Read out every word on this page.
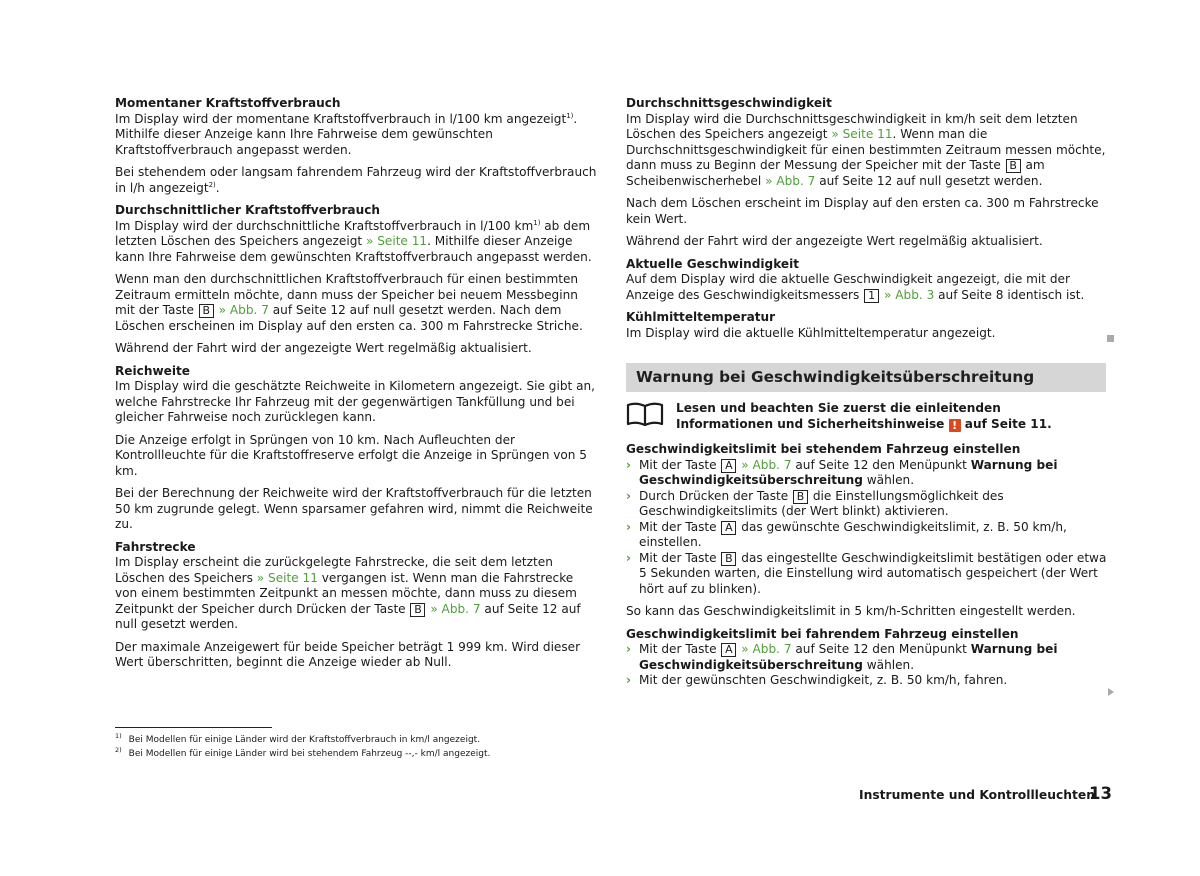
Momentaner Kraftstoffverbrauch

Im Display wird der momentane Kraftstoffverbrauch in l/100 km angezeigt$^{1)}$. Mithilfe dieser Anzeige kann Ihre Fahrweise dem gewünschten Kraftstoffverbrauch angepasst werden.

Bei stehendem oder langsam fahrendem Fahrzeug wird der Kraftstoffverbrauch in l/h angezeigt$^{2)}$.

Durchschnittlicher Kraftstoffverbrauch

Im Display wird der durchschnittliche Kraftstoffverbrauch in l/100 $km^{1)}$ ab dem letzten Löschen des Speichers angezeigt » Seite 11. Mithilfe dieser Anzeige kann Ihre Fahrweise dem gewünschten Kraftstoffverbrauch angepasst werden.

Wenn man den durchschnittlichen Kraftstoffverbrauch für einen bestimmten Zeitraum ermitteln möchte, dann muss der Speicher bei neuem Messbeginn mit der Taste B » Abb. 7 auf Seite 12 auf null gesetzt werden. Nach dem Löschen erscheinen im Display auf den ersten ca. 300 m Fahrstrecke Striche.

Während der Fahrt wird der angezeigte Wert regelmäßig aktualisiert.

Reichweite

Im Display wird die geschätzte Reichweite in Kilometern angezeigt. Sie gibt an, welche Fahrstrecke Ihr Fahrzeug mit der gegenwärtigen Tankfüllung und bei gleicher Fahrweise noch zurücklegen kann.

Die Anzeige erfolgt in Sprüngen von 10 km. Nach Aufleuchten der Kontrollleuchte für die Kraftstoffreserve erfolgt die Anzeige in Sprüngen von 5 km.

Bei der Berechnung der Reichweite wird der Kraftstoffverbrauch für die letzten 50 km zugrunde gelegt. Wenn sparsamer gefahren wird, nimmt die Reichweite zu.

Fahrstrecke

Im Display erscheint die zurückgelegte Fahrstrecke, die seit dem letzten Löschen des Speichers » Seite 11 vergangen ist. Wenn man die Fahrstrecke von einem bestimmten Zeitpunkt an messen möchte, dann muss zu diesem Zeitpunkt der Speicher durch Drücken der Taste B » Abb. 7 auf Seite 12 auf null gesetzt werden.

Der maximale Anzeigewert für beide Speicher beträgt 1 999 km. Wird dieser Wert überschritten, beginnt die Anzeige wieder ab Null.

Durchschnittsgeschwindigkeit

Im Display wird die Durchschnittsgeschwindigkeit in km/h seit dem letzten Löschen des Speichers angezeigt » Seite 11. Wenn man die Durchschnittsgeschwindigkeit für einen bestimmten Zeitraum messen möchte, dann muss zu Beginn der Messung der Speicher mit der Taste B am Scheibenwischerhebel » Abb. 7 auf Seite 12 auf null gesetzt werden.

Nach dem Löschen erscheint im Display auf den ersten ca. 300 m Fahrstrecke kein Wert.

Während der Fahrt wird der angezeigte Wert regelmäßig aktualisiert.

Aktuelle Geschwindigkeit

Auf dem Display wird die aktuelle Geschwindigkeit angezeigt, die mit der Anzeige des Geschwindigkeitsmessers 1 » Abb. 3 auf Seite 8 identisch ist.

Kühlmitteltemperatur

Im Display wird die aktuelle Kühlmitteltemperatur angezeigt.

Warnung bei Geschwindigkeitsüberschreitung
Lesen und beachten Sie zuerst die einleitenden Informationen und Sicherheitshinweise ! auf Seite 11.
Geschwindigkeitslimit bei stehendem Fahrzeug einstellen
› Mit der Taste A » Abb. 7 auf Seite 12 den Menüpunkt Warnung bei Geschwindigkeitsüberschreitung wählen.
› Durch Drücken der Taste B die Einstellungsmöglichkeit des Geschwindigkeitslimits (der Wert blinkt) aktivieren.
› Mit der Taste A das gewünschte Geschwindigkeitslimit, z. B. 50 km/h, einstellen.
› Mit der Taste B das eingestellte Geschwindigkeitslimit bestätigen oder etwa 5 Sekunden warten, die Einstellung wird automatisch gespeichert (der Wert hört auf zu blinken).

So kann das Geschwindigkeitslimit in 5 km/h-Schritten eingestellt werden.

Geschwindigkeitslimit bei fahrendem Fahrzeug einstellen
› Mit der Taste A » Abb. 7 auf Seite 12 den Menüpunkt Warnung bei Geschwindigkeitsüberschreitung wählen.
› Mit der gewünschten Geschwindigkeit, z. B. 50 km/h, fahren.
$^{1)}$ Bei Modellen für einige Länder wird der Kraftstoffverbrauch in km/l angezeigt.
$^{2)}$ Bei Modellen für einige Länder wird bei stehendem Fahrzeug --,- km/l angezeigt.
Instrumente und Kontrollleuchten
13
